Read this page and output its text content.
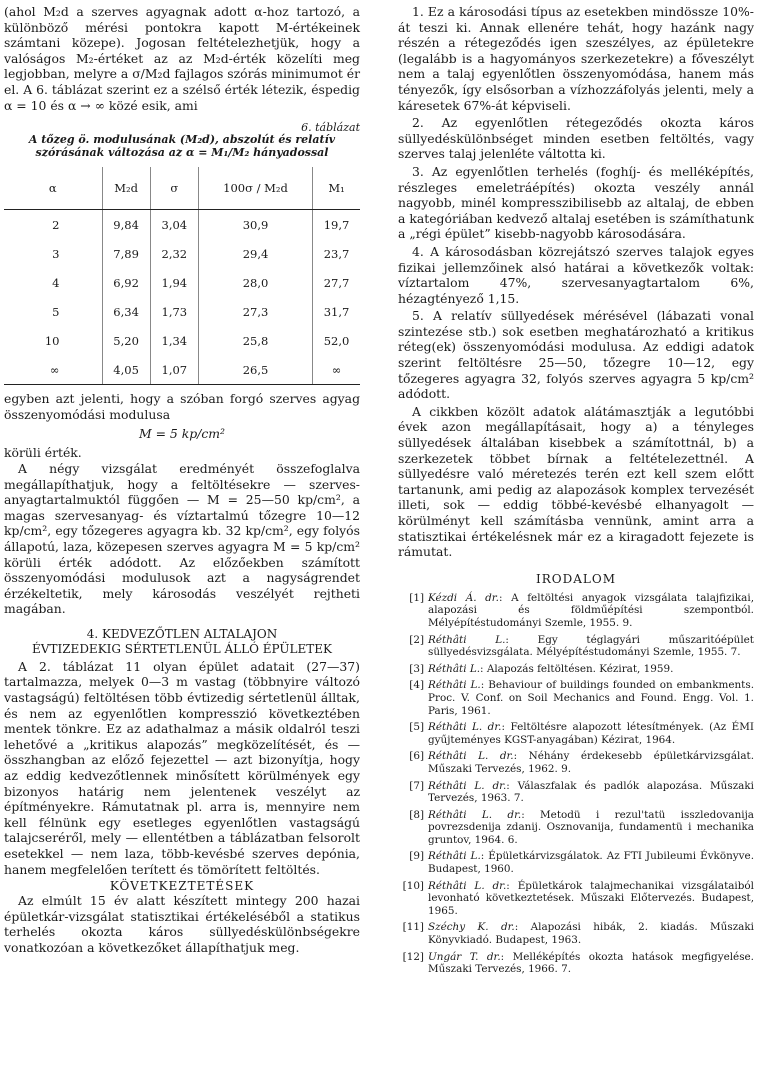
(ahol M₂d a szerves agyagnak adott α-hoz tartozó, a különböző mérési pontokra kapott M-értékeinek számtani közepe). Jogosan feltételezhetjük, hogy a valóságos M₂-értéket az az M₂d-érték közelíti meg legjobban, melyre a σ/M₂d fajlagos szórás minimumot ér el. A 6. táblázat szerint ez a szélső érték létezik, éspedig α = 10 és α → ∞ közé esik, ami

6. táblázat
A tőzeg ö. modulusának (M₂d), abszolút és relatív szórásának változása az α = M₁/M₂ hányadossal
α	M₂d	σ	100σ / M₂d	M₁
2	9,84	3,04	30,9	19,7
3	7,89	2,32	29,4	23,7
4	6,92	1,94	28,0	27,7
5	6,34	1,73	27,3	31,7
10	5,20	1,34	25,8	52,0
∞	4,05	1,07	26,5	∞

egyben azt jelenti, hogy a szóban forgó szerves agyag összenyomódási modulusa

M = 5 kp/cm²

körüli érték.

A négy vizsgálat eredményét összefoglalva megállapíthatjuk, hogy a feltöltésekre — szerves-anyagtartalmuktól függően — M = 25—50 kp/cm², a magas szervesanyag- és víztartalmú tőzegre 10—12 kp/cm², egy tőzegeres agyagra kb. 32 kp/cm², egy folyós állapotú, laza, közepesen szerves agyagra M = 5 kp/cm² körüli érték adódott. Az előzőekben számított összenyomódási modulusok azt a nagyságrendet érzékeltetik, mely károsodás veszélyét rejtheti magában.

4. KEDVEZŐTLEN ALTALAJON
ÉVTIZEDEKIG SÉRTETLENÜL ÁLLÓ ÉPÜLETEK

A 2. táblázat 11 olyan épület adatait (27—37) tartalmazza, melyek 0—3 m vastag (többnyire változó vastagságú) feltöltésen több évtizedig sértetlenül álltak, és nem az egyenlőtlen kompresszió következtében mentek tönkre. Ez az adathalmaz a másik oldalról teszi lehetővé a „kritikus alapozás” megközelítését, és — összhangban az előző fejezettel — azt bizonyítja, hogy az eddig kedvezőtlennek minősített körülmények egy bizonyos határig nem jelentenek veszélyt az építményekre. Rámutatnak pl. arra is, mennyire nem kell félnünk egy esetleges egyenlőtlen vastagságú talajcseréről, mely — ellentétben a táblázatban felsorolt esetekkel — nem laza, több-kevésbé szerves depónia, hanem megfelelően terített és tömörített feltöltés.

KÖVETKEZTETÉSEK

Az elmúlt 15 év alatt készített mintegy 200 hazai épületkár-vizsgálat statisztikai értékeléséből a statikus terhelés okozta káros süllyedéskülönbségekre vonatkozóan a következőket állapíthatjuk meg.

1. Ez a károsodási típus az esetekben mindössze 10%-át teszi ki. Annak ellenére tehát, hogy hazánk nagy részén a rétegeződés igen szeszélyes, az épületekre (legalább is a hagyományos szerkezetekre) a főveszélyt nem a talaj egyenlőtlen összenyomódása, hanem más tényezők, így elsősorban a vízhozzáfolyás jelenti, mely a káresetek 67%-át képviseli.

2. Az egyenlőtlen rétegeződés okozta káros süllyedéskülönbséget minden esetben feltöltés, vagy szerves talaj jelenléte váltotta ki.

3. Az egyenlőtlen terhelés (foghíj- és melléképítés, részleges emeletráépítés) okozta veszély annál nagyobb, minél kompresszibilisebb az altalaj, de ebben a kategóriában kedvező altalaj esetében is számíthatunk a „régi épület” kisebb-nagyobb károsodására.

4. A károsodásban közrejátszó szerves talajok egyes fizikai jellemzőinek alsó határai a következők voltak: víztartalom 47%, szervesanyagtartalom 6%, hézagtényező 1,15.

5. A relatív süllyedések mérésével (lábazati vonal szintezése stb.) sok esetben meghatározható a kritikus réteg(ek) összenyomódási modulusa. Az eddigi adatok szerint feltöltésre 25—50, tőzegre 10—12, egy tőzegeres agyagra 32, folyós szerves agyagra 5 kp/cm² adódott.

A cikkben közölt adatok alátámasztják a legutóbbi évek azon megállapításait, hogy a) a tényleges süllyedések általában kisebbek a számítottnál, b) a szerkezetek többet bírnak a feltételezettnél. A süllyedésre való méretezés terén ezt kell szem előtt tartanunk, ami pedig az alapozások komplex tervezését illeti, sok — eddig többé-kevésbé elhanyagolt — körülményt kell számításba vennünk, amint arra a statisztikai értékelésnek már ez a kiragadott fejezete is rámutat.

IRODALOM
[1] Kézdi Á. dr.: A feltöltési anyagok vizsgálata talajfizikai, alapozási és földműépítési szempontból. Mélyépítéstudományi Szemle, 1955. 9.
[2] Réthâti L.: Egy téglagyári műszaritóépület süllyedésvizsgálata. Mélyépítéstudományi Szemle, 1955. 7.
[3] Réthâti L.: Alapozás feltöltésen. Kézirat, 1959.
[4] Réthâti L.: Behaviour of buildings founded on embankments. Proc. V. Conf. on Soil Mechanics and Found. Engg. Vol. 1. Paris, 1961.
[5] Réthâti L. dr.: Feltöltésre alapozott létesítmények. (Az ÉMI gyűjteményes KGST-anyagában) Kézirat, 1964.
[6] Réthâti L. dr.: Néhány érdekesebb épületkárvizsgálat. Műszaki Tervezés, 1962. 9.
[7] Réthâti L. dr.: Válaszfalak és padlók alapozása. Műszaki Tervezés, 1963. 7.
[8] Réthâti L. dr.: Metodü i rezul'tatü isszledovanija povrezsdenija zdanij. Osznovanija, fundamentü i mechanika gruntov, 1964. 6.
[9] Réthâti L.: Épületkárvizsgálatok. Az FTI Jubileumi Évkönyve. Budapest, 1960.
[10] Réthâti L. dr.: Épületkárok talajmechanikai vizsgálataiból levonható következtetések. Műszaki Előtervezés. Budapest, 1965.
[11] Széchy K. dr.: Alapozási hibák, 2. kiadás. Műszaki Könyvkiadó. Budapest, 1963.
[12] Ungár T. dr.: Melléképítés okozta hatások megfigyelése. Műszaki Tervezés, 1966. 7.
